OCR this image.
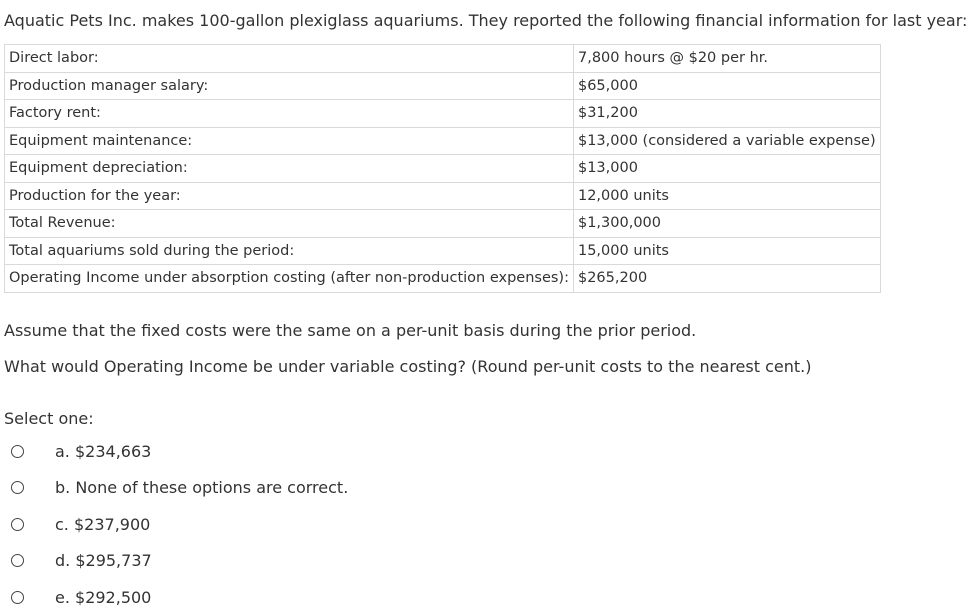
Aquatic Pets Inc. makes 100-gallon plexiglass aquariums. They reported the following financial information for last year:
Direct labor:	7,800 hours @ $20 per hr.
Production manager salary:	$65,000
Factory rent:	$31,200
Equipment maintenance:	$13,000 (considered a variable expense)
Equipment depreciation:	$13,000
Production for the year:	12,000 units
Total Revenue:	$1,300,000
Total aquariums sold during the period:	15,000 units
Operating Income under absorption costing (after non-production expenses):	$265,200
Assume that the fixed costs were the same on a per-unit basis during the prior period.
What would Operating Income be under variable costing? (Round per-unit costs to the nearest cent.)
Select one:
a. $234,663
b. None of these options are correct.
c. $237,900
d. $295,737
e. $292,500
